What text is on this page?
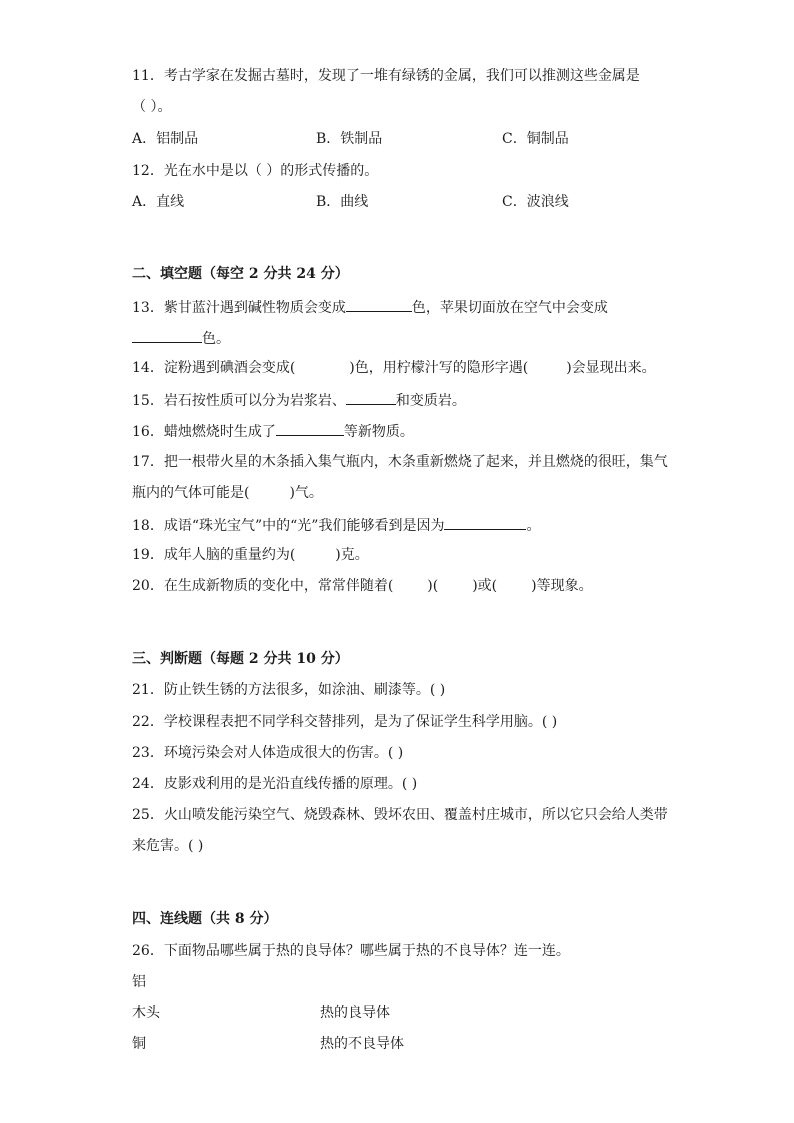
11．考古学家在发掘古墓时，发现了一堆有绿锈的金属，我们可以推测这些金属是
（ ）。
A．铝制品	B．铁制品	C．铜制品
12．光在水中是以（ ）的形式传播的。
A．直线	B．曲线	C．波浪线
二、填空题（每空 2 分共 24 分）
13．紫甘蓝汁遇到碱性物质会变成	色，苹果切面放在空气中会变成
色。
14．淀粉遇到碘酒会变成(	)色，用柠檬汁写的隐形字遇(	)会显现出来。
15．岩石按性质可以分为岩浆岩、	和变质岩。
16．蜡烛燃烧时生成了	等新物质。
17．把一根带火星的木条插入集气瓶内，木条重新燃烧了起来，并且燃烧的很旺，集气
瓶内的气体可能是(	)气。
18．成语“珠光宝气”中的“光”我们能够看到是因为	。
19．成年人脑的重量约为(	)克。
20．在生成新物质的变化中，常常伴随着( )( )或( )等现象。
三、判断题（每题 2 分共 10 分）
21．防止铁生锈的方法很多，如涂油、刷漆等。( )
22．学校课程表把不同学科交替排列，是为了保证学生科学用脑。( )
23．环境污染会对人体造成很大的伤害。( )
24．皮影戏利用的是光沿直线传播的原理。( )
25．火山喷发能污染空气、烧毁森林、毁坏农田、覆盖村庄城市，所以它只会给人类带
来危害。( )
四、连线题（共 8 分）
26．下面物品哪些属于热的良导体？哪些属于热的不良导体？连一连。
铝
木头
铜
热的良导体
热的不良导体
